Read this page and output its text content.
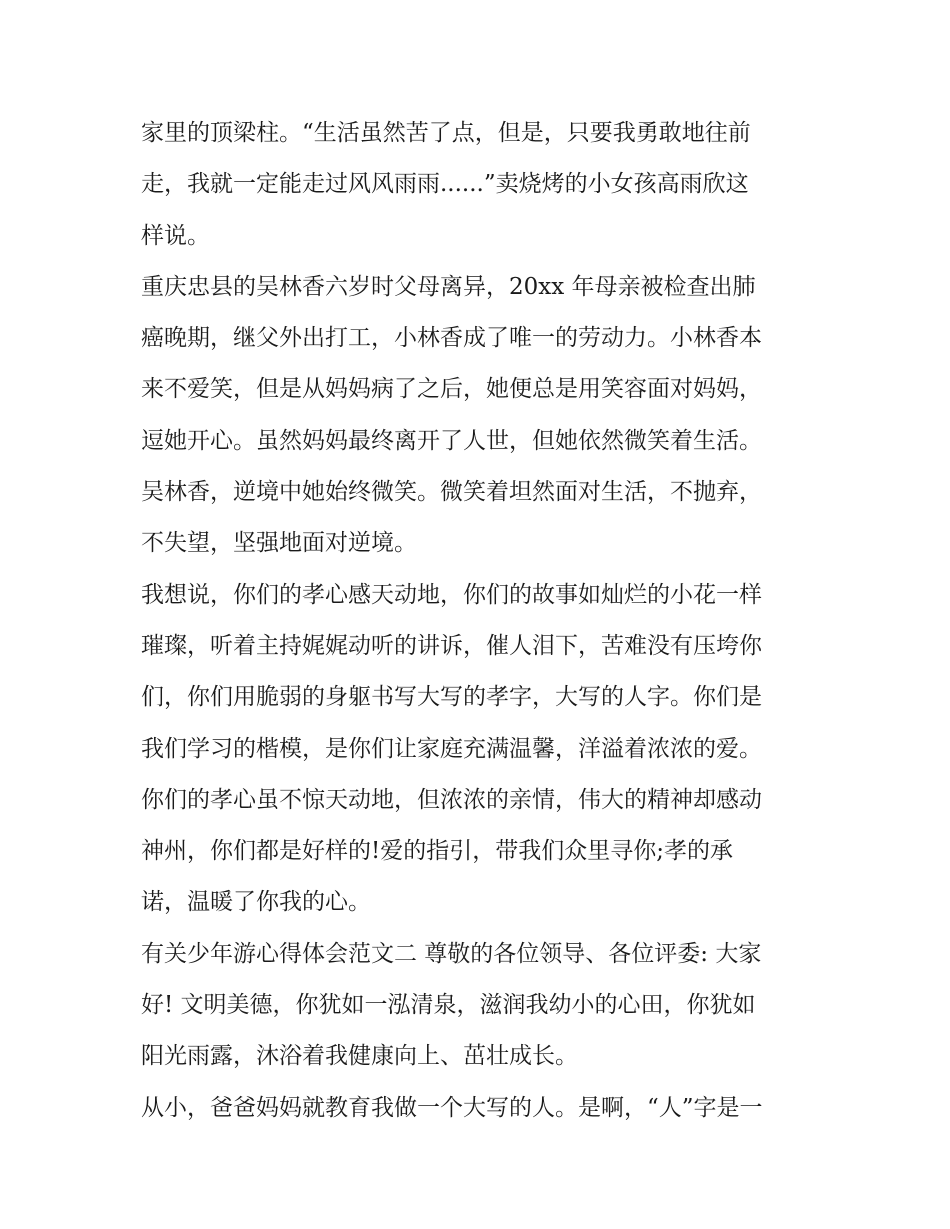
家里的顶梁柱。“生活虽然苦了点，但是，只要我勇敢地往前

走，我就一定能走过风风雨雨......”卖烧烤的小女孩高雨欣这

样说。

重庆忠县的吴林香六岁时父母离异，20xx 年母亲被检查出肺

癌晚期，继父外出打工，小林香成了唯一的劳动力。小林香本

来不爱笑，但是从妈妈病了之后，她便总是用笑容面对妈妈，

逗她开心。虽然妈妈最终离开了人世，但她依然微笑着生活。

吴林香，逆境中她始终微笑。微笑着坦然面对生活，不抛弃，

不失望，坚强地面对逆境。

我想说，你们的孝心感天动地，你们的故事如灿烂的小花一样

璀璨，听着主持娓娓动听的讲诉，催人泪下，苦难没有压垮你

们，你们用脆弱的身躯书写大写的孝字，大写的人字。你们是

我们学习的楷模，是你们让家庭充满温馨，洋溢着浓浓的爱。

你们的孝心虽不惊天动地，但浓浓的亲情，伟大的精神却感动

神州，你们都是好样的!爱的指引，带我们众里寻你;孝的承

诺，温暖了你我的心。

有关少年游心得体会范文二 尊敬的各位领导、各位评委: 大家

好! 文明美德，你犹如一泓清泉，滋润我幼小的心田，你犹如

阳光雨露，沐浴着我健康向上、茁壮成长。

从小，爸爸妈妈就教育我做一个大写的人。是啊，“人”字是一
